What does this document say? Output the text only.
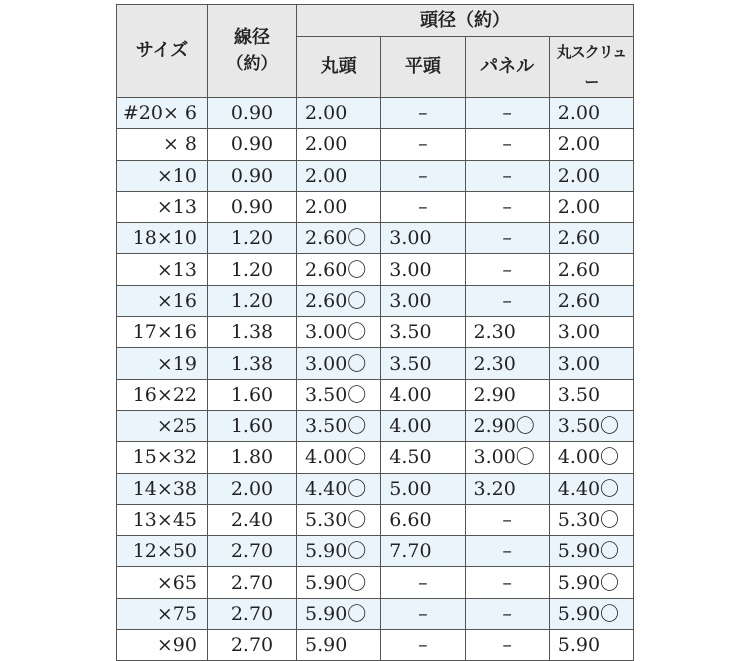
サイズ	線径
（約）	頭径（約）			
		丸頭	平頭	パネル	丸スクリュー
#20× 6	0.90	2.00	–	–	2.00
× 8	0.90	2.00	–	–	2.00
×10	0.90	2.00	–	–	2.00
×13	0.90	2.00	–	–	2.00
18×10	1.20	2.60〇	3.00	–	2.60
×13	1.20	2.60〇	3.00	–	2.60
×16	1.20	2.60〇	3.00	–	2.60
17×16	1.38	3.00〇	3.50	2.30	3.00
×19	1.38	3.00〇	3.50	2.30	3.00
16×22	1.60	3.50〇	4.00	2.90	3.50
×25	1.60	3.50〇	4.00	2.90〇	3.50〇
15×32	1.80	4.00〇	4.50	3.00〇	4.00〇
14×38	2.00	4.40〇	5.00	3.20	4.40〇
13×45	2.40	5.30〇	6.60	–	5.30〇
12×50	2.70	5.90〇	7.70	–	5.90〇
×65	2.70	5.90〇	–	–	5.90〇
×75	2.70	5.90〇	–	–	5.90〇
×90	2.70	5.90	–	–	5.90
